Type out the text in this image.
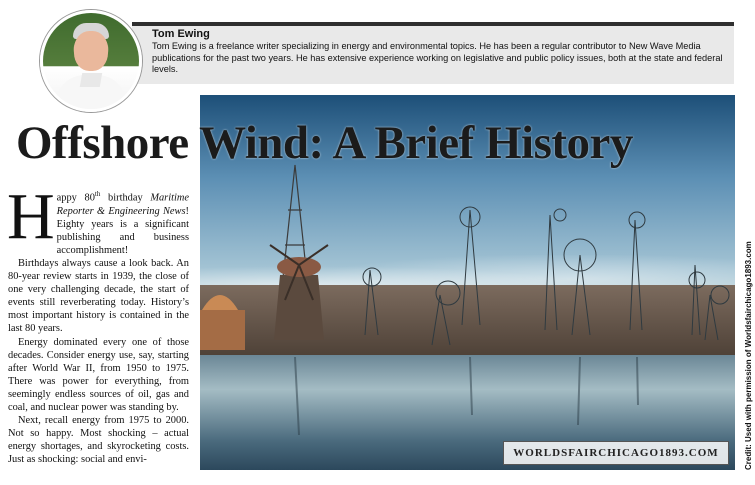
Tom Ewing
Tom Ewing is a freelance writer specializing in energy and environmental topics. He has been a regular contributor to New Wave Media publications for the past two years. He has extensive experience working on legislative and public policy issues, both at the state and federal levels.
WORLDSFAIRCHICAGO1893.COM	Credit: Used with permission of Worldsfairchicago1893.com
Offshore Wind: A Brief History

Happy 80th birthday Maritime Reporter & Engineering News! Eighty years is a significant publishing and business accomplishment!

Birthdays always cause a look back. An 80-year review starts in 1939, the close of one very challenging decade, the start of events still reverberating today. History’s most important history is contained in the last 80 years.

Energy dominated every one of those decades. Consider energy use, say, starting after World War II, from 1950 to 1975. There was power for everything, from seemingly endless sources of oil, gas and coal, and nuclear power was standing by.

Next, recall energy from 1975 to 2000. Not so happy. Most shocking – actual energy shortages, and skyrocketing costs. Just as shocking: social and envi-
